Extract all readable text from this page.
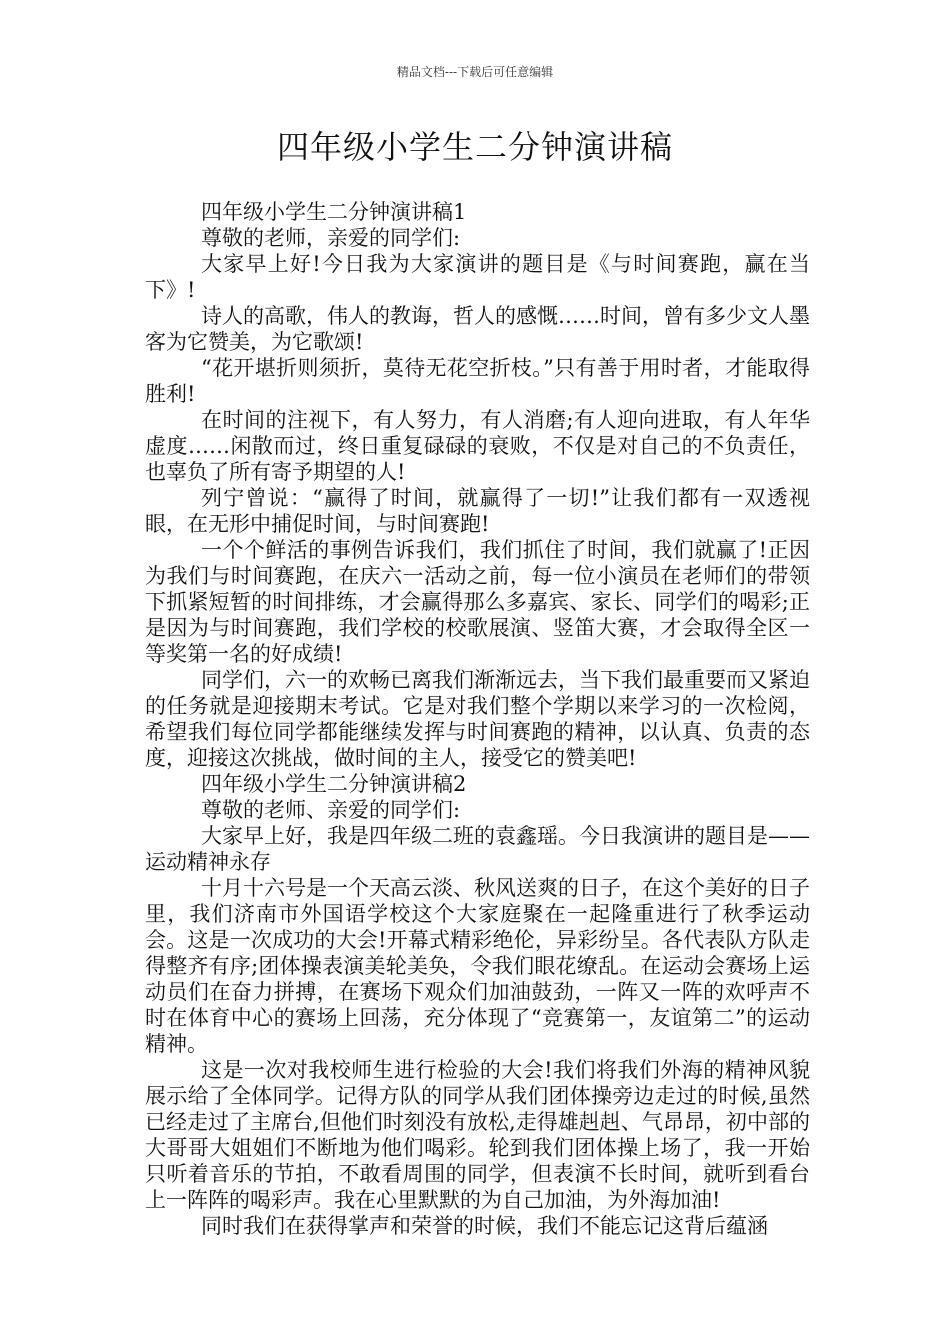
精品文档---下载后可任意编辑
四年级小学生二分钟演讲稿

四年级小学生二分钟演讲稿1

尊敬的老师，亲爱的同学们:

大家早上好!今日我为大家演讲的题目是《与时间赛跑，赢在当下》!

诗人的高歌，伟人的教诲，哲人的感慨……时间，曾有多少文人墨客为它赞美，为它歌颂!

“花开堪折则须折，莫待无花空折枝。”只有善于用时者，才能取得胜利!

在时间的注视下，有人努力，有人消磨;有人迎向进取，有人年华虚度……闲散而过，终日重复碌碌的衰败，不仅是对自己的不负责任，也辜负了所有寄予期望的人!

列宁曾说：“赢得了时间，就赢得了一切!”让我们都有一双透视眼，在无形中捕促时间，与时间赛跑!

一个个鲜活的事例告诉我们，我们抓住了时间，我们就赢了!正因为我们与时间赛跑，在庆六一活动之前，每一位小演员在老师们的带领下抓紧短暂的时间排练，才会赢得那么多嘉宾、家长、同学们的喝彩;正是因为与时间赛跑，我们学校的校歌展演、竖笛大赛，才会取得全区一等奖第一名的好成绩!

同学们，六一的欢畅已离我们渐渐远去，当下我们最重要而又紧迫的任务就是迎接期末考试。它是对我们整个学期以来学习的一次检阅，希望我们每位同学都能继续发挥与时间赛跑的精神，以认真、负责的态度，迎接这次挑战，做时间的主人，接受它的赞美吧!

四年级小学生二分钟演讲稿2

尊敬的老师、亲爱的同学们:

大家早上好，我是四年级二班的袁鑫瑶。今日我演讲的题目是—— 运动精神永存

十月十六号是一个天高云淡、秋风送爽的日子，在这个美好的日子里，我们济南市外国语学校这个大家庭聚在一起隆重进行了秋季运动会。这是一次成功的大会!开幕式精彩绝伦，异彩纷呈。各代表队方队走得整齐有序;团体操表演美轮美奂，令我们眼花缭乱。在运动会赛场上运动员们在奋力拼搏，在赛场下观众们加油鼓劲，一阵又一阵的欢呼声不时在体育中心的赛场上回荡，充分体现了“竞赛第一，友谊第二”的运动精神。

这是一次对我校师生进行检验的大会!我们将我们外海的精神风貌展示给了全体同学。记得方队的同学从我们团体操旁边走过的时候,虽然已经走过了主席台,但他们时刻没有放松,走得雄赳赳、气昂昂，初中部的大哥哥大姐姐们不断地为他们喝彩。轮到我们团体操上场了，我一开始只听着音乐的节拍，不敢看周围的同学，但表演不长时间，就听到看台上一阵阵的喝彩声。我在心里默默的为自己加油，为外海加油!

同时我们在获得掌声和荣誉的时候，我们不能忘记这背后蕴涵
